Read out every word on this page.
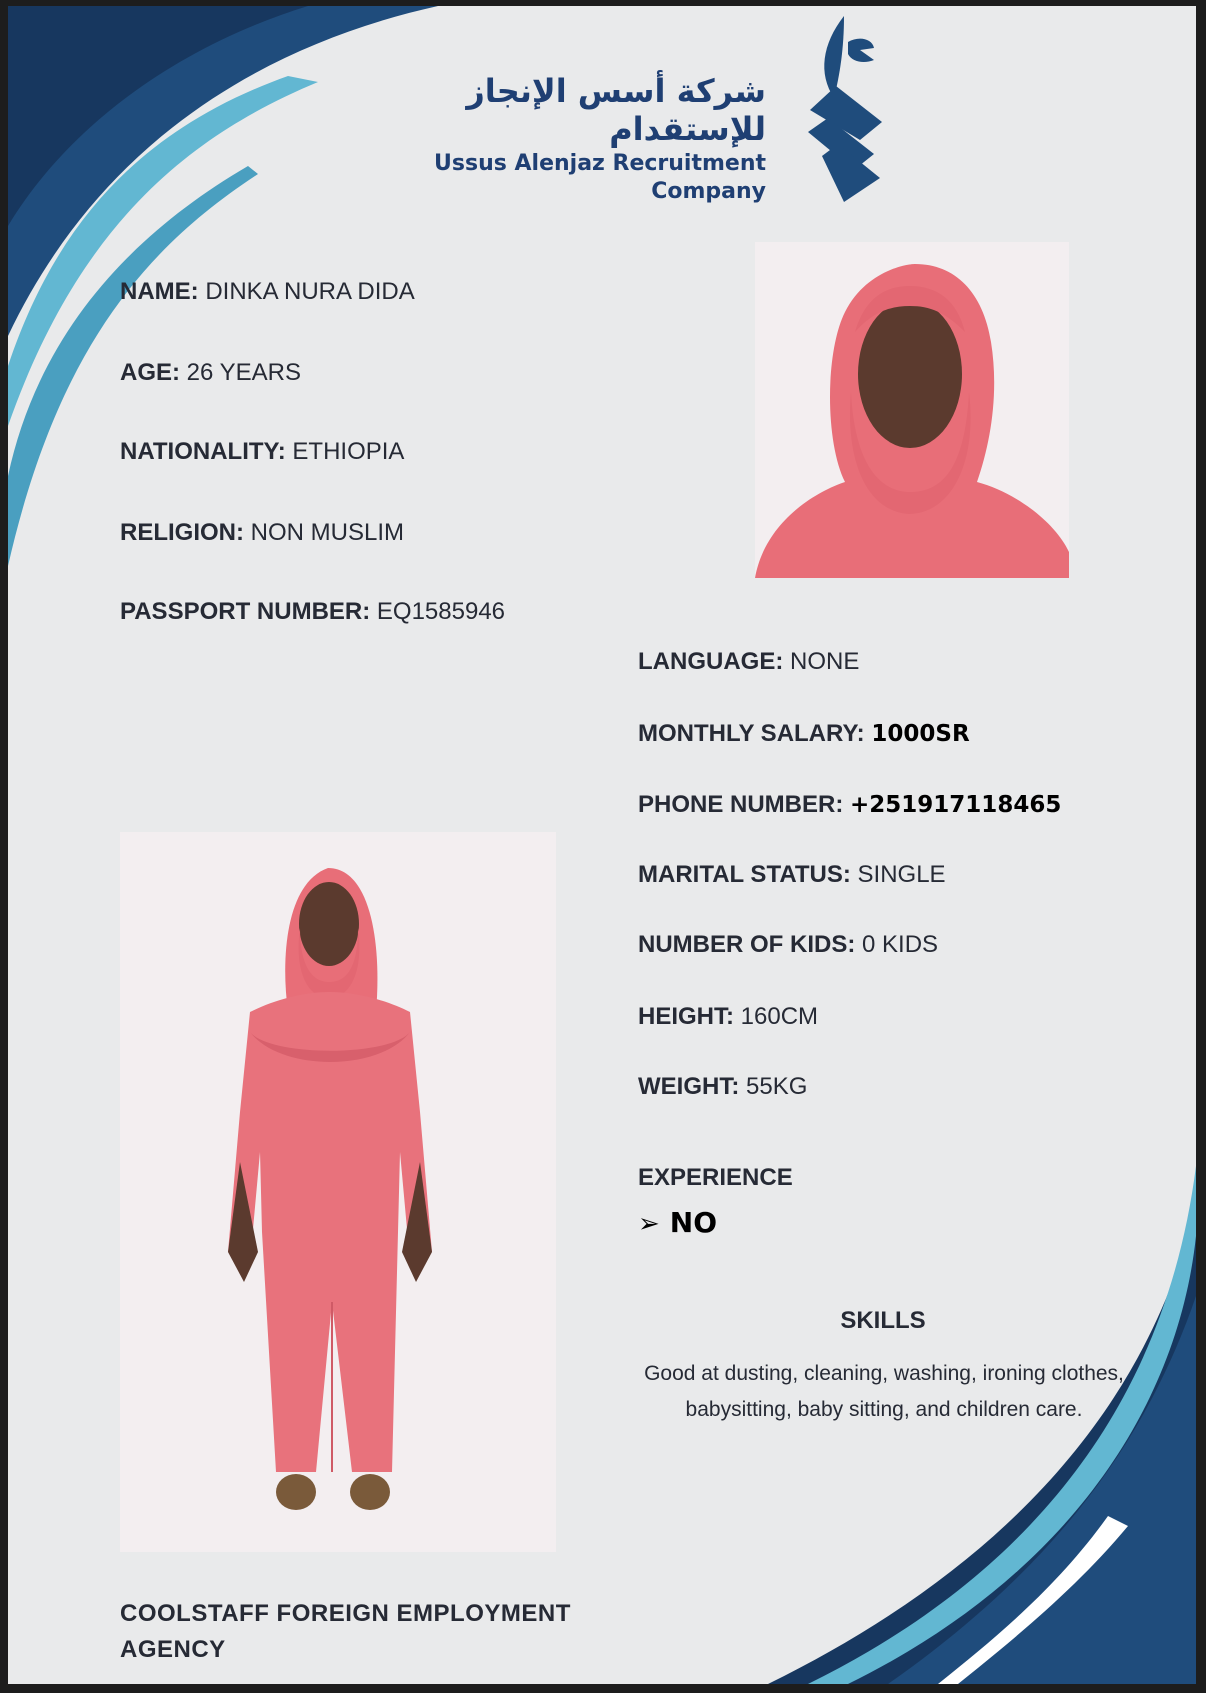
شركة أسس الإنجاز للإستقدام
Ussus Alenjaz Recruitment Company
NAME: DINKA NURA DIDA
AGE: 26 YEARS
NATIONALITY: ETHIOPIA
RELIGION: NON MUSLIM
PASSPORT NUMBER: EQ1585946
LANGUAGE: NONE
MONTHLY SALARY: 1000SR
PHONE NUMBER: +251917118465
MARITAL STATUS: SINGLE
NUMBER OF KIDS: 0 KIDS
HEIGHT: 160CM
WEIGHT: 55KG
EXPERIENCE
➢ NO
SKILLS
Good at dusting, cleaning, washing, ironing clothes, babysitting, baby sitting, and children care.
COOLSTAFF FOREIGN EMPLOYMENT AGENCY
